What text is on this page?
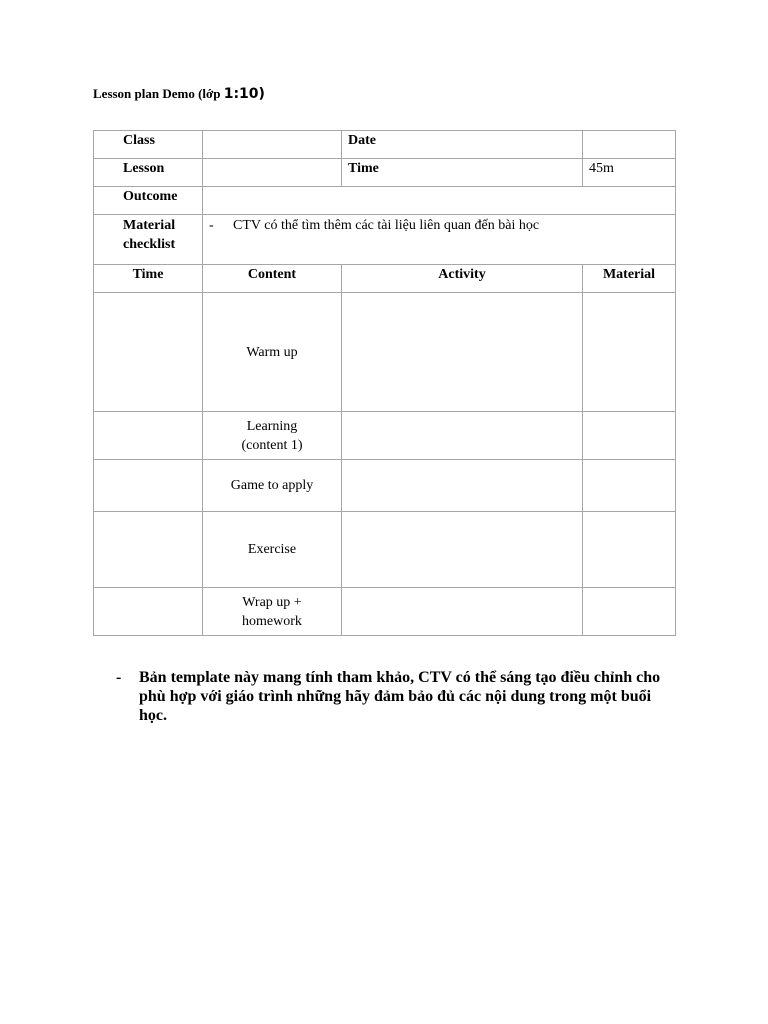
Lesson plan Demo (lớp 1:10)
Class		Date	
Lesson		Time	45m
Outcome			
Material
checklist	- CTV có thể tìm thêm các tài liệu liên quan đến bài học		
Time	Content	Activity	Material
	Warm up		
	Learning
(content 1)		
	Game to apply		
	Exercise		
	Wrap up +
homework		
- Bản template này mang tính tham khảo, CTV có thể sáng tạo điều chỉnh cho phù hợp với giáo trình những hãy đảm bảo đủ các nội dung trong một buổi học.
